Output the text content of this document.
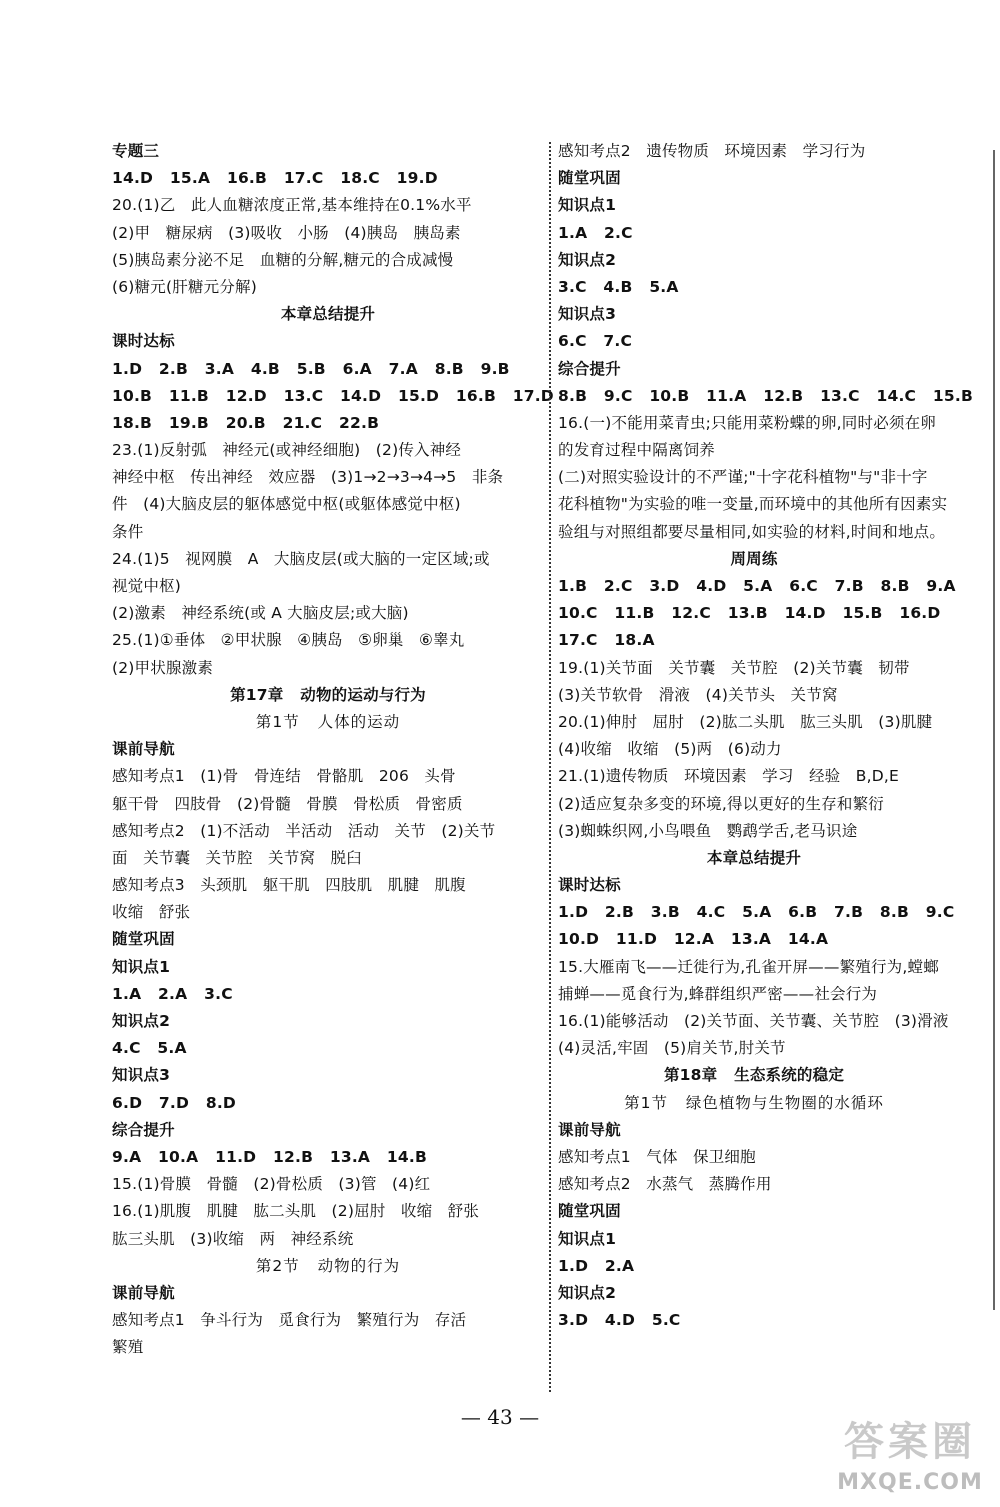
专题三
14.D   15.A   16.B   17.C   18.C   19.D
20.(1)乙   此人血糖浓度正常,基本维持在0.1%水平
(2)甲   糖尿病   (3)吸收   小肠   (4)胰岛   胰岛素
(5)胰岛素分泌不足   血糖的分解,糖元的合成减慢
(6)糖元(肝糖元分解)
本章总结提升
课时达标
1.D   2.B   3.A   4.B   5.B   6.A   7.A   8.B   9.B
10.B   11.B   12.D   13.C   14.D   15.D   16.B   17.D
18.B   19.B   20.B   21.C   22.B
23.(1)反射弧   神经元(或神经细胞)   (2)传入神经
神经中枢   传出神经   效应器   (3)1→2→3→4→5   非条
件   (4)大脑皮层的躯体感觉中枢(或躯体感觉中枢)
条件
24.(1)5   视网膜   A   大脑皮层(或大脑的一定区域;或
视觉中枢)
(2)激素   神经系统(或 A 大脑皮层;或大脑)
25.(1)①垂体   ②甲状腺   ④胰岛   ⑤卵巢   ⑥睾丸
(2)甲状腺激素
第17章   动物的运动与行为
第1节   人体的运动
课前导航
感知考点1   (1)骨   骨连结   骨骼肌   206   头骨
躯干骨   四肢骨   (2)骨髓   骨膜   骨松质   骨密质
感知考点2   (1)不活动   半活动   活动   关节   (2)关节
面   关节囊   关节腔   关节窝   脱臼
感知考点3   头颈肌   躯干肌   四肢肌   肌腱   肌腹
收缩   舒张
随堂巩固
知识点1
1.A   2.A   3.C
知识点2
4.C   5.A
知识点3
6.D   7.D   8.D
综合提升
9.A   10.A   11.D   12.B   13.A   14.B
15.(1)骨膜   骨髓   (2)骨松质   (3)管   (4)红
16.(1)肌腹   肌腱   肱二头肌   (2)屈肘   收缩   舒张
肱三头肌   (3)收缩   两   神经系统
第2节   动物的行为
课前导航
感知考点1   争斗行为   觅食行为   繁殖行为   存活
繁殖
感知考点2   遗传物质   环境因素   学习行为
随堂巩固
知识点1
1.A   2.C
知识点2
3.C   4.B   5.A
知识点3
6.C   7.C
综合提升
8.B   9.C   10.B   11.A   12.B   13.C   14.C   15.B
16.(一)不能用菜青虫;只能用菜粉蝶的卵,同时必须在卵
的发育过程中隔离饲养
(二)对照实验设计的不严谨;"十字花科植物"与"非十字
花科植物"为实验的唯一变量,而环境中的其他所有因素实
验组与对照组都要尽量相同,如实验的材料,时间和地点。
周周练
1.B   2.C   3.D   4.D   5.A   6.C   7.B   8.B   9.A
10.C   11.B   12.C   13.B   14.D   15.B   16.D
17.C   18.A
19.(1)关节面   关节囊   关节腔   (2)关节囊   韧带
(3)关节软骨   滑液   (4)关节头   关节窝
20.(1)伸肘   屈肘   (2)肱二头肌   肱三头肌   (3)肌腱
(4)收缩   收缩   (5)两   (6)动力
21.(1)遗传物质   环境因素   学习   经验   B,D,E
(2)适应复杂多变的环境,得以更好的生存和繁衍
(3)蜘蛛织网,小鸟喂鱼   鹦鹉学舌,老马识途
本章总结提升
课时达标
1.D   2.B   3.B   4.C   5.A   6.B   7.B   8.B   9.C
10.D   11.D   12.A   13.A   14.A
15.大雁南飞——迁徙行为,孔雀开屏——繁殖行为,螳螂
捕蝉——觅食行为,蜂群组织严密——社会行为
16.(1)能够活动   (2)关节面、关节囊、关节腔   (3)滑液
(4)灵活,牢固   (5)肩关节,肘关节
第18章   生态系统的稳定
第1节   绿色植物与生物圈的水循环
课前导航
感知考点1   气体   保卫细胞
感知考点2   水蒸气   蒸腾作用
随堂巩固
知识点1
1.D   2.A
知识点2
3.D   4.D   5.C
— 43 —
答案圈
MXQE.COM
